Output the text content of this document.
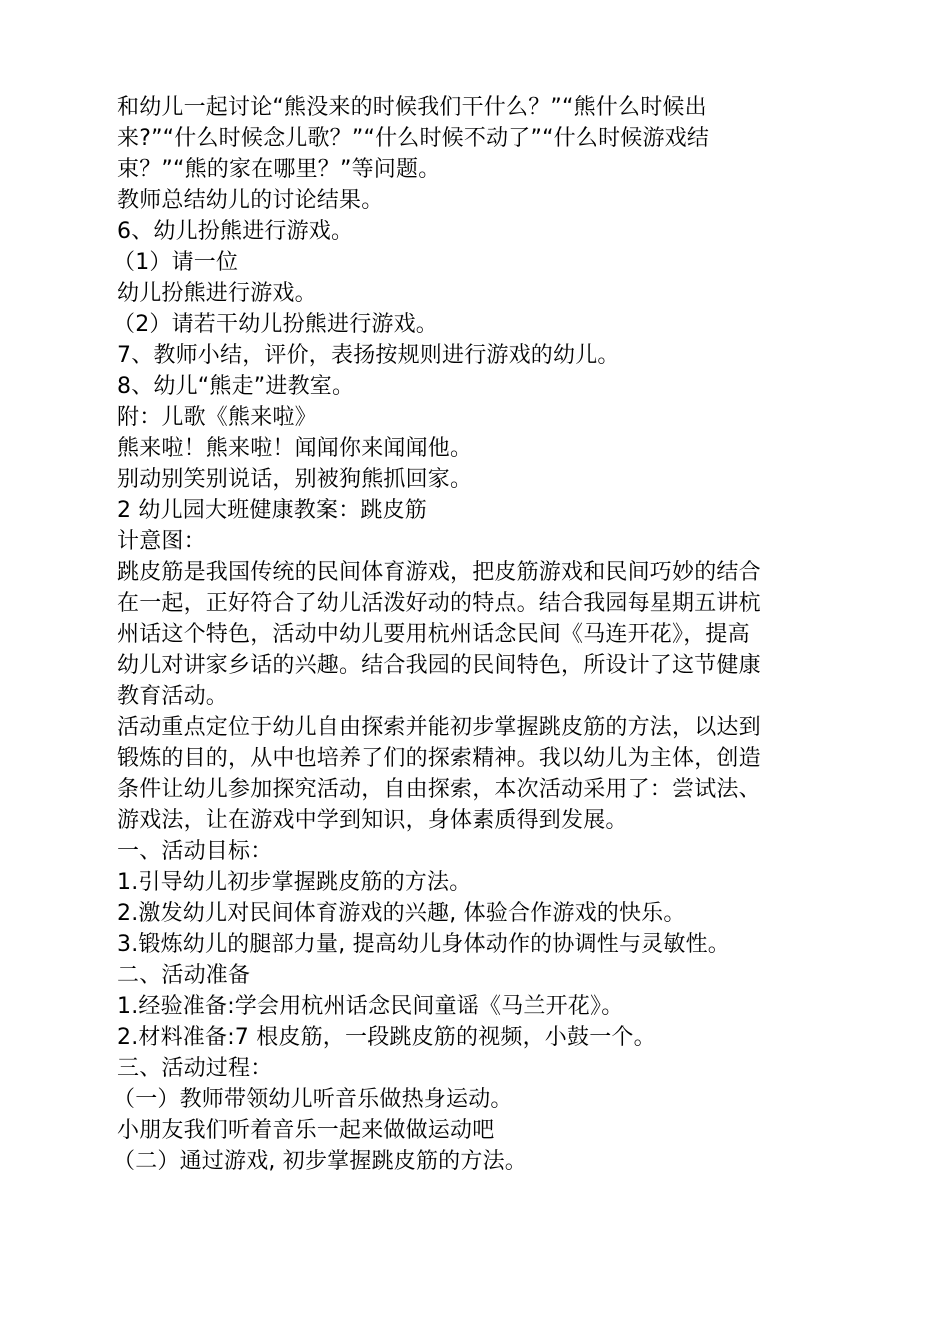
和幼儿一起讨论“熊没来的时候我们干什么？”“熊什么时候出
来?”“什么时候念儿歌？”“什么时候不动了”“什么时候游戏结
束？”“熊的家在哪里？”等问题。
教师总结幼儿的讨论结果。
6、幼儿扮熊进行游戏。
（1）请一位
幼儿扮熊进行游戏。
（2）请若干幼儿扮熊进行游戏。
7、教师小结，评价，表扬按规则进行游戏的幼儿。
8、幼儿“熊走”进教室。
附：儿歌《熊来啦》
熊来啦！熊来啦！闻闻你来闻闻他。
别动别笑别说话，别被狗熊抓回家。
2 幼儿园大班健康教案：跳皮筋
计意图：
跳皮筋是我国传统的民间体育游戏，把皮筋游戏和民间巧妙的结合
在一起，正好符合了幼儿活泼好动的特点。结合我园每星期五讲杭
州话这个特色，活动中幼儿要用杭州话念民间《马连开花》，提高
幼儿对讲家乡话的兴趣。结合我园的民间特色，所设计了这节健康
教育活动。
活动重点定位于幼儿自由探索并能初步掌握跳皮筋的方法，以达到
锻炼的目的，从中也培养了们的探索精神。我以幼儿为主体，创造
条件让幼儿参加探究活动，自由探索，本次活动采用了：尝试法、
游戏法，让在游戏中学到知识，身体素质得到发展。
一、活动目标：
1.引导幼儿初步掌握跳皮筋的方法。
2.激发幼儿对民间体育游戏的兴趣, 体验合作游戏的快乐。
3.锻炼幼儿的腿部力量, 提高幼儿身体动作的协调性与灵敏性。
二、活动准备
1.经验准备:学会用杭州话念民间童谣《马兰开花》。
2.材料准备:7 根皮筋，一段跳皮筋的视频，小鼓一个。
三、活动过程：
（一）教师带领幼儿听音乐做热身运动。
小朋友我们听着音乐一起来做做运动吧
（二）通过游戏, 初步掌握跳皮筋的方法。
